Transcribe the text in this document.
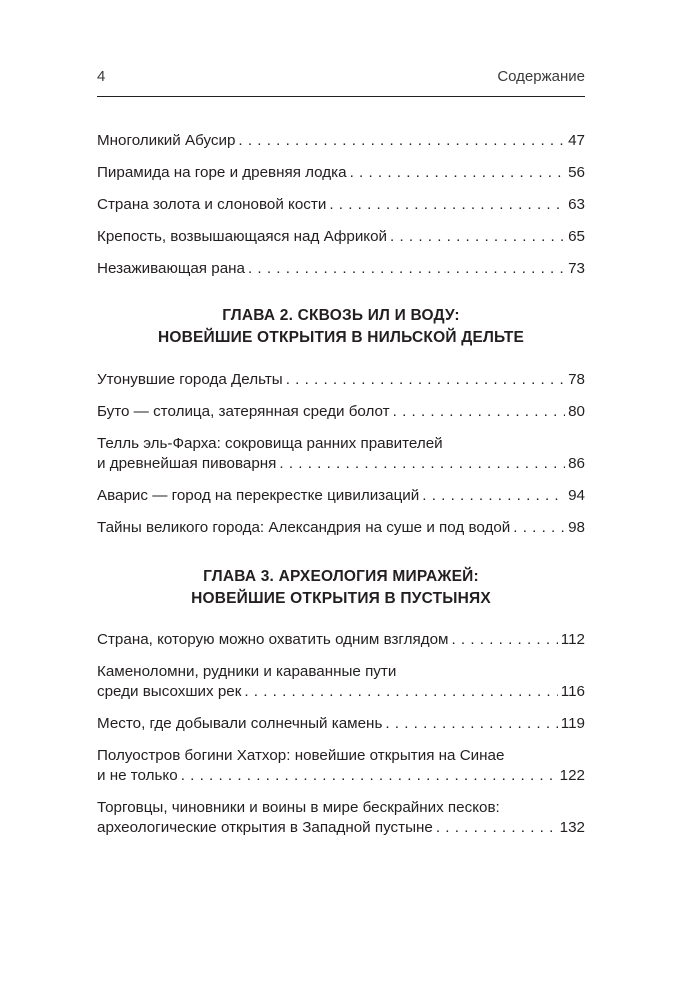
4	Содержание
Многоликий Абусир . . .	47
Пирамида на горе и древняя лодка . . .	56
Страна золота и слоновой кости . . .	63
Крепость, возвышающаяся над Африкой . . .	65
Незаживающая рана . . .	73
ГЛАВА 2. СКВОЗЬ ИЛ И ВОДУ:
НОВЕЙШИЕ ОТКРЫТИЯ В НИЛЬСКОЙ ДЕЛЬТЕ
Утонувшие города Дельты . . .	78
Буто — столица, затерянная среди болот . . .	80
Телль эль-Фарха: сокровища ранних правителей
и древнейшая пивоварня . . .	86
Аварис — город на перекрестке цивилизаций . . .	94
Тайны великого города: Александрия на суше и под водой . . .	98
ГЛАВА 3. АРХЕОЛОГИЯ МИРАЖЕЙ:
НОВЕЙШИЕ ОТКРЫТИЯ В ПУСТЫНЯХ
Страна, которую можно охватить одним взглядом . . .	112
Каменоломни, рудники и караванные пути
среди высохших рек . . .	116
Место, где добывали солнечный камень . . .	119
Полуостров богини Хатхор: новейшие открытия на Синае
и не только . . .	122
Торговцы, чиновники и воины в мире бескрайних песков:
археологические открытия в Западной пустыне . . .	132
